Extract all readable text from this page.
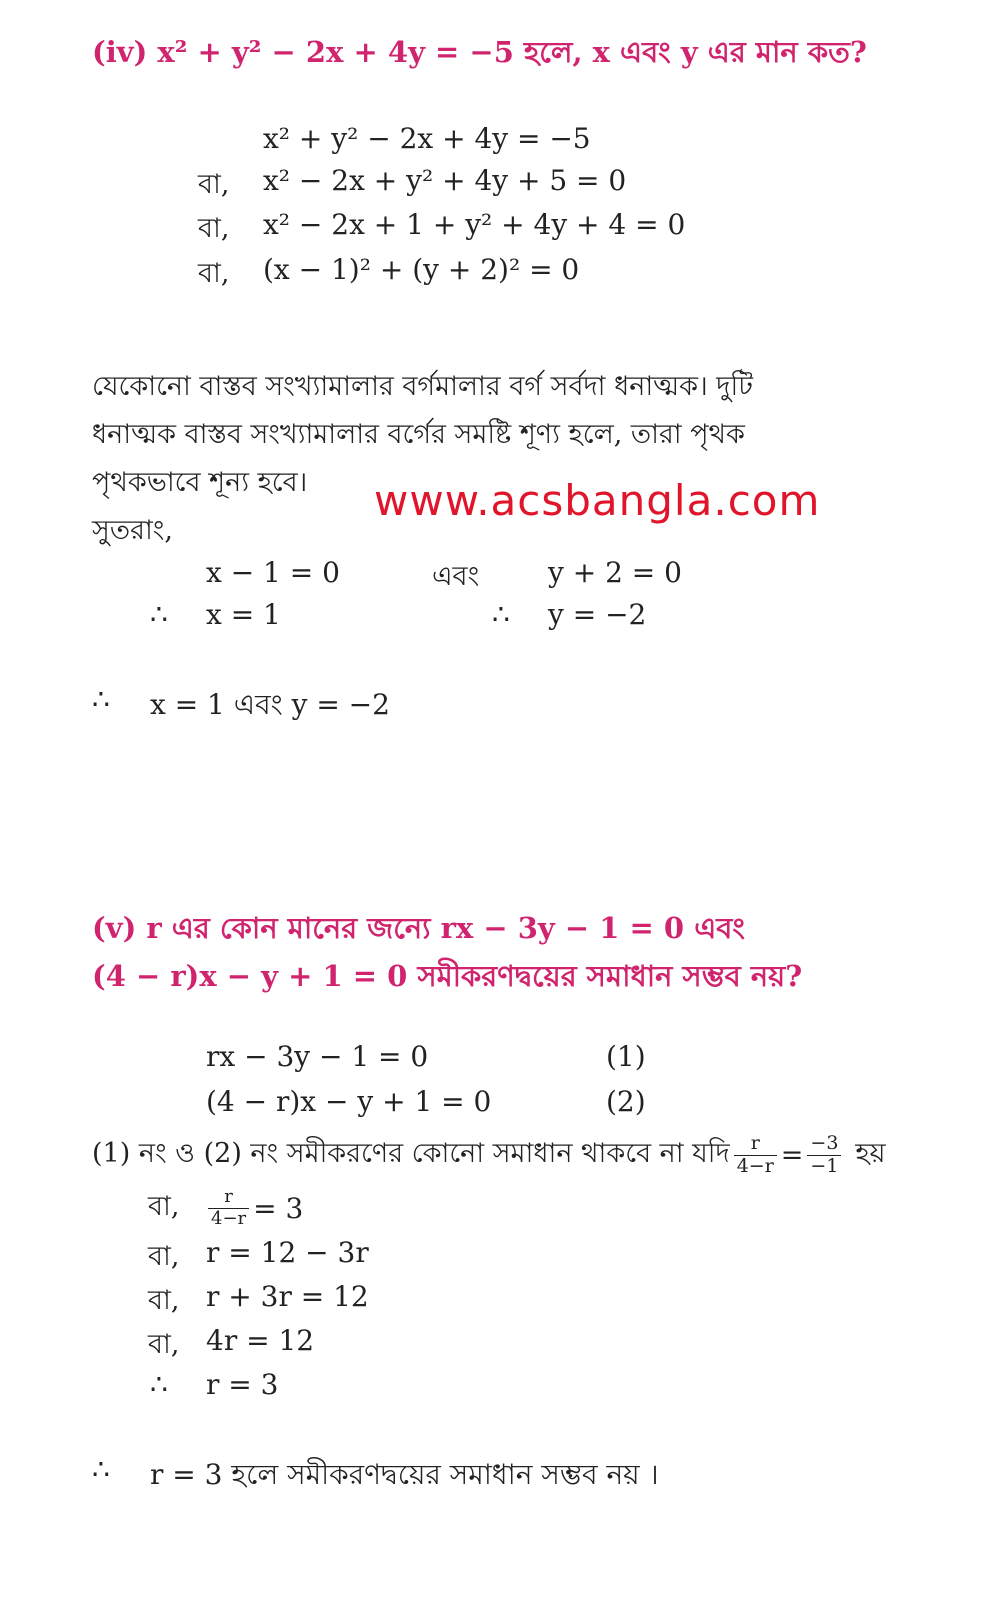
(iv) x² + y² − 2x + 4y = −5 হলে, x এবং y এর মান কত?
x² + y² − 2x + 4y = −5
বা, x² − 2x + y² + 4y + 5 = 0
বা, x² − 2x + 1 + y² + 4y + 4 = 0
বা, (x − 1)² + (y + 2)² = 0
যেকোনো বাস্তব সংখ্যামালার বর্গমালার বর্গ সর্বদা ধনাত্মক। দুটি
ধনাত্মক বাস্তব সংখ্যামালার বর্গের সমষ্টি শূণ্য হলে, তারা পৃথক
পৃথকভাবে শূন্য হবে। www.acsbangla.com
সুতরাং,
x − 1 = 0	এবং y + 2 = 0
∴ x = 1	∴ y = −2
∴ x = 1 এবং y = −2
(v) r এর কোন মানের জন্যে rx − 3y − 1 = 0 এবং
(4 − r)x − y + 1 = 0 সমীকরণদ্বয়ের সমাধান সম্ভব নয়?
rx − 3y − 1 = 0	(1)
(4 − r)x − y + 1 = 0	(2)
(1) নং ও (2) নং সমীকরণের কোনো সমাধান থাকবে না যদি $\frac{r}{4-r} = \frac{-3}{-1}$ হয়
বা,	$\frac{r}{4-r} = 3$
বা, r = 12 − 3r
বা, r + 3r = 12
বা, 4r = 12
∴ r = 3
∴ r = 3 হলে সমীকরণদ্বয়ের সমাধান সম্ভব নয় ।
